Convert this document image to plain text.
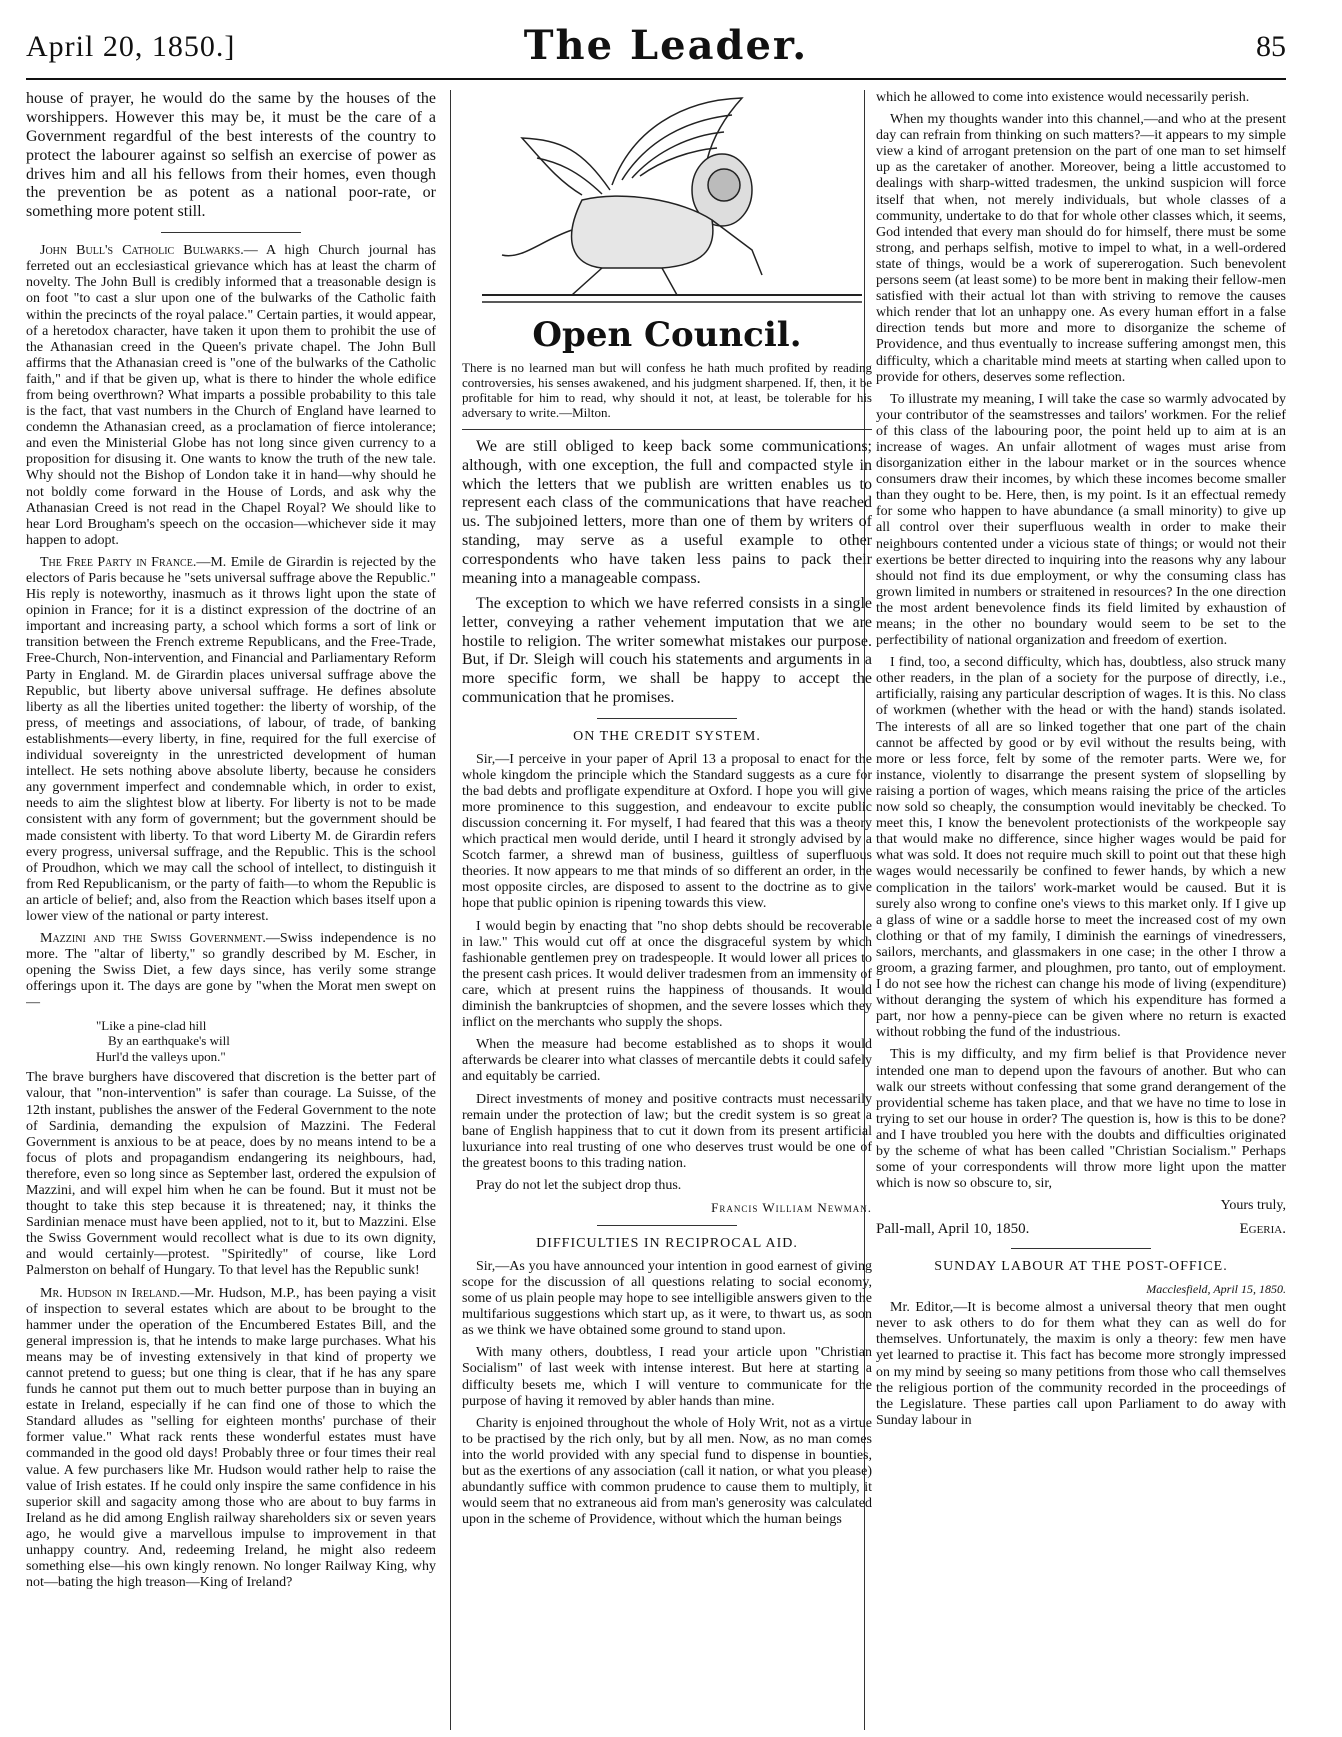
April 20, 1850.]	The Leader.	85

house of prayer, he would do the same by the houses of the worshippers. However this may be, it must be the care of a Government regardful of the best interests of the country to protect the labourer against so selfish an exercise of power as drives him and all his fellows from their homes, even though the prevention be as potent as a national poor-rate, or something more potent still.

John Bull's Catholic Bulwarks.— A high Church journal has ferreted out an ecclesiastical grievance which has at least the charm of novelty. The John Bull is credibly informed that a treasonable design is on foot "to cast a slur upon one of the bulwarks of the Catholic faith within the precincts of the royal palace." Certain parties, it would appear, of a heretodox character, have taken it upon them to prohibit the use of the Athanasian creed in the Queen's private chapel. The John Bull affirms that the Athanasian creed is "one of the bulwarks of the Catholic faith," and if that be given up, what is there to hinder the whole edifice from being overthrown? What imparts a possible probability to this tale is the fact, that vast numbers in the Church of England have learned to condemn the Athanasian creed, as a proclamation of fierce intolerance; and even the Ministerial Globe has not long since given currency to a proposition for disusing it. One wants to know the truth of the new tale. Why should not the Bishop of London take it in hand—why should he not boldly come forward in the House of Lords, and ask why the Athanasian Creed is not read in the Chapel Royal? We should like to hear Lord Brougham's speech on the occasion—whichever side it may happen to adopt.

The Free Party in France.—M. Emile de Girardin is rejected by the electors of Paris because he "sets universal suffrage above the Republic." His reply is noteworthy, inasmuch as it throws light upon the state of opinion in France; for it is a distinct expression of the doctrine of an important and increasing party, a school which forms a sort of link or transition between the French extreme Republicans, and the Free-Trade, Free-Church, Non-intervention, and Financial and Parliamentary Reform Party in England. M. de Girardin places universal suffrage above the Republic, but liberty above universal suffrage. He defines absolute liberty as all the liberties united together: the liberty of worship, of the press, of meetings and associations, of labour, of trade, of banking establishments—every liberty, in fine, required for the full exercise of individual sovereignty in the unrestricted development of human intellect. He sets nothing above absolute liberty, because he considers any government imperfect and condemnable which, in order to exist, needs to aim the slightest blow at liberty. For liberty is not to be made consistent with any form of government; but the government should be made consistent with liberty. To that word Liberty M. de Girardin refers every progress, universal suffrage, and the Republic. This is the school of Proudhon, which we may call the school of intellect, to distinguish it from Red Republicanism, or the party of faith—to whom the Republic is an article of belief; and, also from the Reaction which bases itself upon a lower view of the national or party interest.

Mazzini and the Swiss Government.—Swiss independence is no more. The "altar of liberty," so grandly described by M. Escher, in opening the Swiss Diet, a few days since, has verily some strange offerings upon it. The days are gone by "when the Morat men swept on—

"Like a pine-clad hill
By an earthquake's will
Hurl'd the valleys upon."

The brave burghers have discovered that discretion is the better part of valour, that "non-intervention" is safer than courage. La Suisse, of the 12th instant, publishes the answer of the Federal Government to the note of Sardinia, demanding the expulsion of Mazzini. The Federal Government is anxious to be at peace, does by no means intend to be a focus of plots and propagandism endangering its neighbours, had, therefore, even so long since as September last, ordered the expulsion of Mazzini, and will expel him when he can be found. But it must not be thought to take this step because it is threatened; nay, it thinks the Sardinian menace must have been applied, not to it, but to Mazzini. Else the Swiss Government would recollect what is due to its own dignity, and would certainly—protest. "Spiritedly" of course, like Lord Palmerston on behalf of Hungary. To that level has the Republic sunk!

Mr. Hudson in Ireland.—Mr. Hudson, M.P., has been paying a visit of inspection to several estates which are about to be brought to the hammer under the operation of the Encumbered Estates Bill, and the general impression is, that he intends to make large purchases. What his means may be of investing extensively in that kind of property we cannot pretend to guess; but one thing is clear, that if he has any spare funds he cannot put them out to much better purpose than in buying an estate in Ireland, especially if he can find one of those to which the Standard alludes as "selling for eighteen months' purchase of their former value." What rack rents these wonderful estates must have commanded in the good old days! Probably three or four times their real value. A few purchasers like Mr. Hudson would rather help to raise the value of Irish estates. If he could only inspire the same confidence in his superior skill and sagacity among those who are about to buy farms in Ireland as he did among English railway shareholders six or seven years ago, he would give a marvellous impulse to improvement in that unhappy country. And, redeeming Ireland, he might also redeem something else—his own kingly renown. No longer Railway King, why not—bating the high treason—King of Ireland?

Open Council.
There is no learned man but will confess he hath much profited by reading controversies, his senses awakened, and his judgment sharpened. If, then, it be profitable for him to read, why should it not, at least, be tolerable for his adversary to write.—Milton.

We are still obliged to keep back some communications; although, with one exception, the full and compacted style in which the letters that we publish are written enables us to represent each class of the communications that have reached us. The subjoined letters, more than one of them by writers of standing, may serve as a useful example to other correspondents who have taken less pains to pack their meaning into a manageable compass.

The exception to which we have referred consists in a single letter, conveying a rather vehement imputation that we are hostile to religion. The writer somewhat mistakes our purpose. But, if Dr. Sleigh will couch his statements and arguments in a more specific form, we shall be happy to accept the communication that he promises.

ON THE CREDIT SYSTEM.

Sir,—I perceive in your paper of April 13 a proposal to enact for the whole kingdom the principle which the Standard suggests as a cure for the bad debts and profligate expenditure at Oxford. I hope you will give more prominence to this suggestion, and endeavour to excite public discussion concerning it. For myself, I had feared that this was a theory which practical men would deride, until I heard it strongly advised by a Scotch farmer, a shrewd man of business, guiltless of superfluous theories. It now appears to me that minds of so different an order, in the most opposite circles, are disposed to assent to the doctrine as to give hope that public opinion is ripening towards this view.

I would begin by enacting that "no shop debts should be recoverable in law." This would cut off at once the disgraceful system by which fashionable gentlemen prey on tradespeople. It would lower all prices to the present cash prices. It would deliver tradesmen from an immensity of care, which at present ruins the happiness of thousands. It would diminish the bankruptcies of shopmen, and the severe losses which they inflict on the merchants who supply the shops.

When the measure had become established as to shops it would afterwards be clearer into what classes of mercantile debts it could safely and equitably be carried.

Direct investments of money and positive contracts must necessarily remain under the protection of law; but the credit system is so great a bane of English happiness that to cut it down from its present artificial luxuriance into real trusting of one who deserves trust would be one of the greatest boons to this trading nation.

Pray do not let the subject drop thus.

Francis William Newman.
DIFFICULTIES IN RECIPROCAL AID.

Sir,—As you have announced your intention in good earnest of giving scope for the discussion of all questions relating to social economy, some of us plain people may hope to see intelligible answers given to the multifarious suggestions which start up, as it were, to thwart us, as soon as we think we have obtained some ground to stand upon.

With many others, doubtless, I read your article upon "Christian Socialism" of last week with intense interest. But here at starting a difficulty besets me, which I will venture to communicate for the purpose of having it removed by abler hands than mine.

Charity is enjoined throughout the whole of Holy Writ, not as a virtue to be practised by the rich only, but by all men. Now, as no man comes into the world provided with any special fund to dispense in bounties, but as the exertions of any association (call it nation, or what you please) abundantly suffice with common prudence to cause them to multiply, it would seem that no extraneous aid from man's generosity was calculated upon in the scheme of Providence, without which the human beings

which he allowed to come into existence would necessarily perish.

When my thoughts wander into this channel,—and who at the present day can refrain from thinking on such matters?—it appears to my simple view a kind of arrogant pretension on the part of one man to set himself up as the caretaker of another. Moreover, being a little accustomed to dealings with sharp-witted tradesmen, the unkind suspicion will force itself that when, not merely individuals, but whole classes of a community, undertake to do that for whole other classes which, it seems, God intended that every man should do for himself, there must be some strong, and perhaps selfish, motive to impel to what, in a well-ordered state of things, would be a work of supererogation. Such benevolent persons seem (at least some) to be more bent in making their fellow-men satisfied with their actual lot than with striving to remove the causes which render that lot an unhappy one. As every human effort in a false direction tends but more and more to disorganize the scheme of Providence, and thus eventually to increase suffering amongst men, this difficulty, which a charitable mind meets at starting when called upon to provide for others, deserves some reflection.

To illustrate my meaning, I will take the case so warmly advocated by your contributor of the seamstresses and tailors' workmen. For the relief of this class of the labouring poor, the point held up to aim at is an increase of wages. An unfair allotment of wages must arise from disorganization either in the labour market or in the sources whence consumers draw their incomes, by which these incomes become smaller than they ought to be. Here, then, is my point. Is it an effectual remedy for some who happen to have abundance (a small minority) to give up all control over their superfluous wealth in order to make their neighbours contented under a vicious state of things; or would not their exertions be better directed to inquiring into the reasons why any labour should not find its due employment, or why the consuming class has grown limited in numbers or straitened in resources? In the one direction the most ardent benevolence finds its field limited by exhaustion of means; in the other no boundary would seem to be set to the perfectibility of national organization and freedom of exertion.

I find, too, a second difficulty, which has, doubtless, also struck many other readers, in the plan of a society for the purpose of directly, i.e., artificially, raising any particular description of wages. It is this. No class of workmen (whether with the head or with the hand) stands isolated. The interests of all are so linked together that one part of the chain cannot be affected by good or by evil without the results being, with more or less force, felt by some of the remoter parts. Were we, for instance, violently to disarrange the present system of slopselling by raising a portion of wages, which means raising the price of the articles now sold so cheaply, the consumption would inevitably be checked. To meet this, I know the benevolent protectionists of the workpeople say that would make no difference, since higher wages would be paid for what was sold. It does not require much skill to point out that these high wages would necessarily be confined to fewer hands, by which a new complication in the tailors' work-market would be caused. But it is surely also wrong to confine one's views to this market only. If I give up a glass of wine or a saddle horse to meet the increased cost of my own clothing or that of my family, I diminish the earnings of vinedressers, sailors, merchants, and glassmakers in one case; in the other I throw a groom, a grazing farmer, and ploughmen, pro tanto, out of employment. I do not see how the richest can change his mode of living (expenditure) without deranging the system of which his expenditure has formed a part, nor how a penny-piece can be given where no return is exacted without robbing the fund of the industrious.

This is my difficulty, and my firm belief is that Providence never intended one man to depend upon the favours of another. But who can walk our streets without confessing that some grand derangement of the providential scheme has taken place, and that we have no time to lose in trying to set our house in order? The question is, how is this to be done? and I have troubled you here with the doubts and difficulties originated by the scheme of what has been called "Christian Socialism." Perhaps some of your correspondents will throw more light upon the matter which is now so obscure to, sir,

Yours truly,
Pall-mall, April 10, 1850.	Egeria.
SUNDAY LABOUR AT THE POST-OFFICE.
Macclesfield, April 15, 1850.

Mr. Editor,—It is become almost a universal theory that men ought never to ask others to do for them what they can as well do for themselves. Unfortunately, the maxim is only a theory: few men have yet learned to practise it. This fact has become more strongly impressed on my mind by seeing so many petitions from those who call themselves the religious portion of the community recorded in the proceedings of the Legislature. These parties call upon Parliament to do away with Sunday labour in
